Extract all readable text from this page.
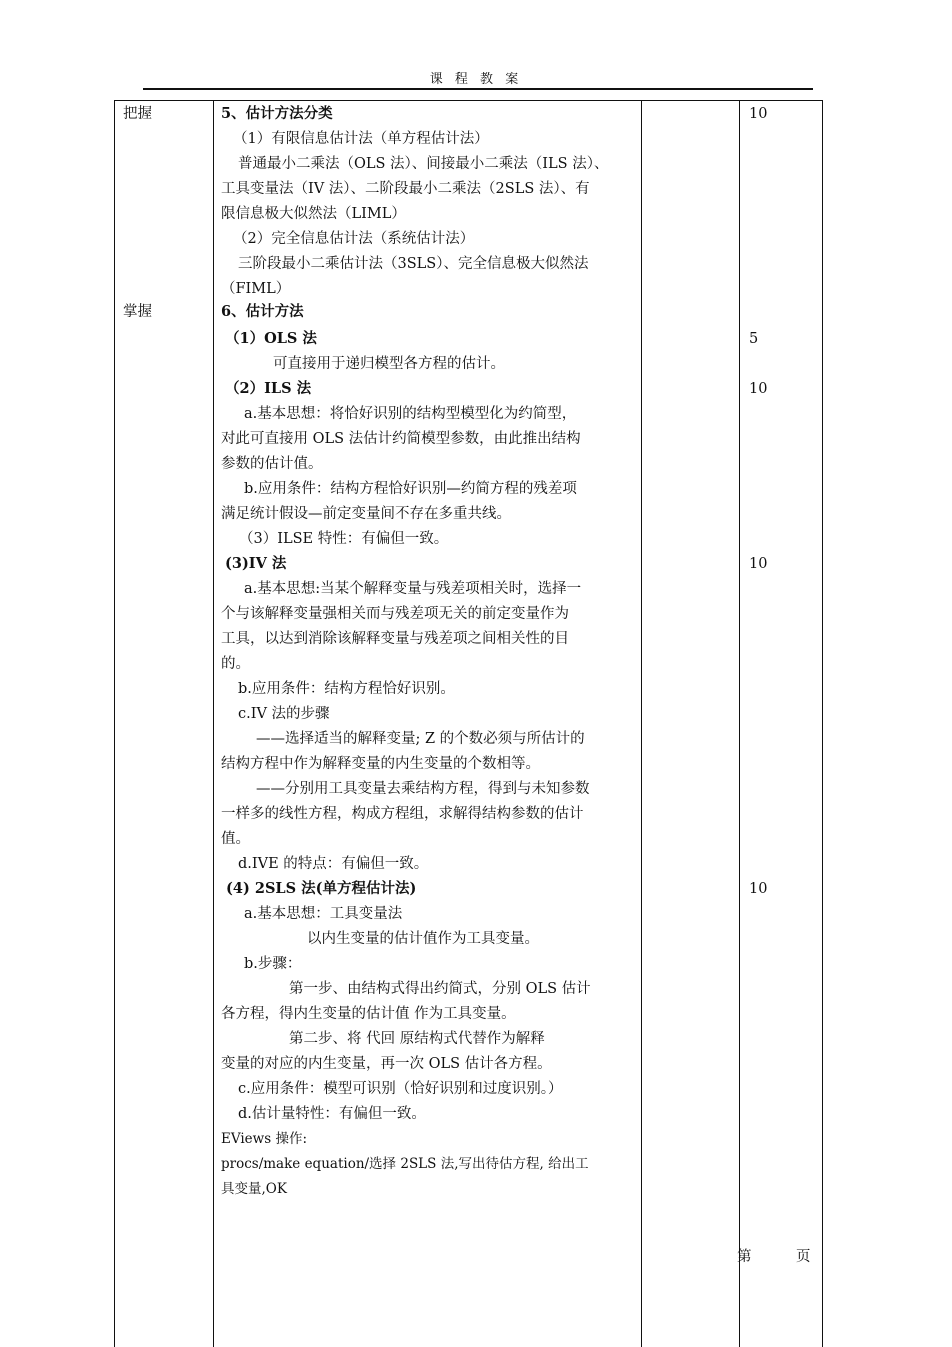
课 程 教 案
把握
掌握
10
5
10
10
10
第	页
5、估计方法分类
（1）有限信息估计法（单方程估计法）
普通最小二乘法（OLS 法）、间接最小二乘法（ILS 法）、
工具变量法（IV 法）、二阶段最小二乘法（2SLS 法）、有
限信息极大似然法（LIML）
（2）完全信息估计法（系统估计法）
三阶段最小二乘估计法（3SLS）、完全信息极大似然法
（FIML）
6、估计方法
（1）OLS 法
可直接用于递归模型各方程的估计。
（2）ILS 法
a.基本思想：将恰好识别的结构型模型化为约简型，
对此可直接用 OLS 法估计约简模型参数，由此推出结构
参数的估计值。
b.应用条件：结构方程恰好识别—约简方程的残差项
满足统计假设—前定变量间不存在多重共线。
（3）ILSE 特性：有偏但一致。
(3)IV 法
a.基本思想:当某个解释变量与残差项相关时，选择一
个与该解释变量强相关而与残差项无关的前定变量作为
工具，以达到消除该解释变量与残差项之间相关性的目
的。
b.应用条件：结构方程恰好识别。
c.IV 法的步骤
——选择适当的解释变量; Z 的个数必须与所估计的
结构方程中作为解释变量的内生变量的个数相等。
——分别用工具变量去乘结构方程，得到与未知参数
一样多的线性方程，构成方程组，求解得结构参数的估计
值。
d.IVE 的特点：有偏但一致。
(4) 2SLS 法(单方程估计法)
a.基本思想：工具变量法
以内生变量的估计值作为工具变量。
b.步骤：
第一步、由结构式得出约简式，分别 OLS 估计
各方程，得内生变量的估计值 作为工具变量。
第二步、将 代回 原结构式代替作为解释
变量的对应的内生变量，再一次 OLS 估计各方程。
c.应用条件：模型可识别（恰好识别和过度识别。）
d.估计量特性：有偏但一致。
EViews 操作:
procs/make equation/选择 2SLS 法,写出待估方程, 给出工
具变量,OK
